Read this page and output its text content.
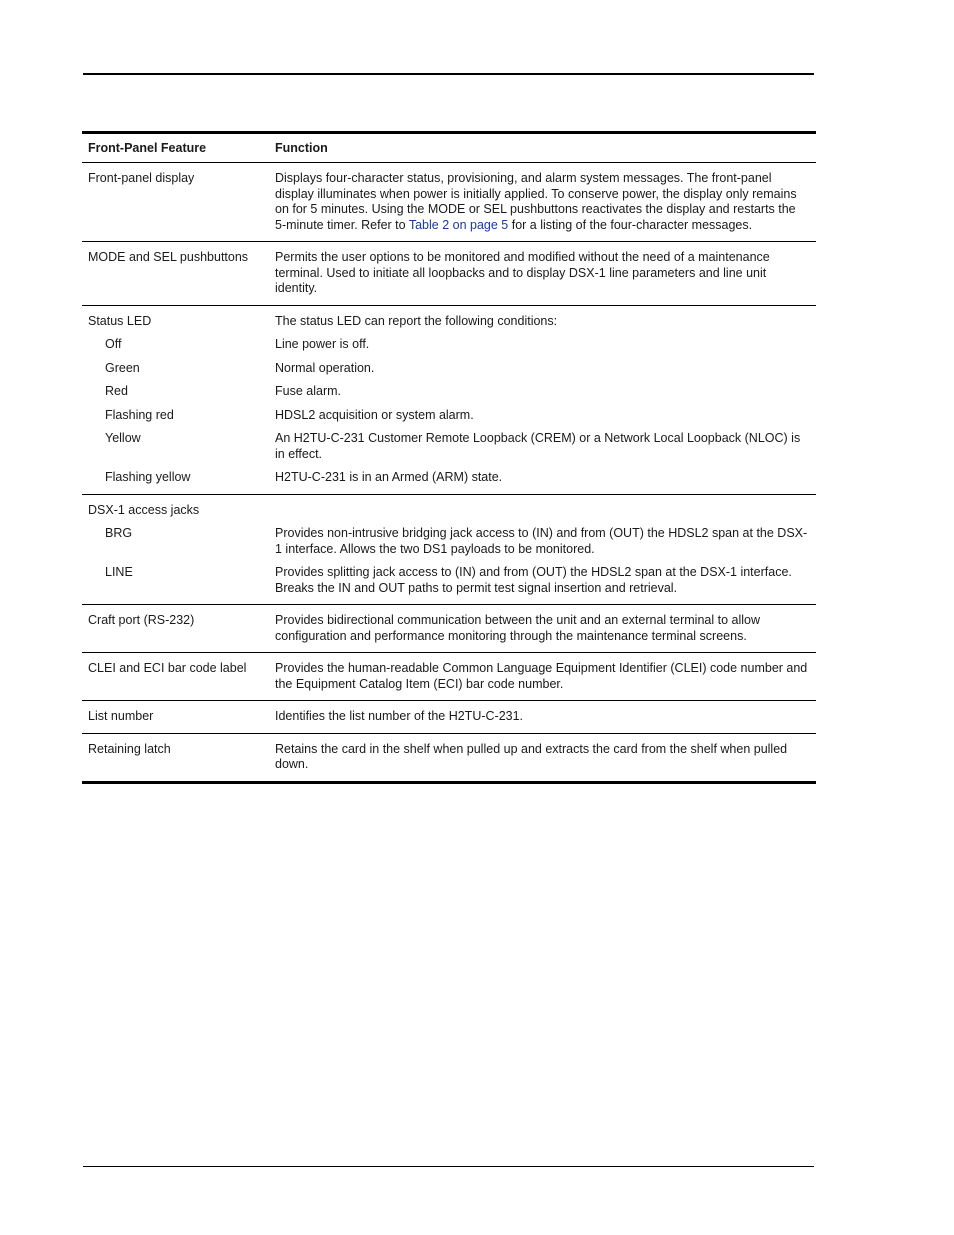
Front-Panel Feature	Function
Front-panel display	Displays four-character status, provisioning, and alarm system messages. The front-panel display illuminates when power is initially applied. To conserve power, the display only remains on for 5 minutes. Using the MODE or SEL pushbuttons reactivates the display and restarts the 5-minute timer. Refer to Table 2 on page 5 for a listing of the four-character messages.
MODE and SEL pushbuttons	Permits the user options to be monitored and modified without the need of a maintenance terminal. Used to initiate all loopbacks and to display DSX-1 line parameters and line unit identity.
Status LED	The status LED can report the following conditions:
Off	Line power is off.
Green	Normal operation.
Red	Fuse alarm.
Flashing red	HDSL2 acquisition or system alarm.
Yellow	An H2TU-C-231 Customer Remote Loopback (CREM) or a Network Local Loopback (NLOC) is in effect.
Flashing yellow	H2TU-C-231 is in an Armed (ARM) state.
DSX-1 access jacks
BRG	Provides non-intrusive bridging jack access to (IN) and from (OUT) the HDSL2 span at the DSX-1 interface. Allows the two DS1 payloads to be monitored.
LINE	Provides splitting jack access to (IN) and from (OUT) the HDSL2 span at the DSX-1 interface. Breaks the IN and OUT paths to permit test signal insertion and retrieval.
Craft port (RS-232)	Provides bidirectional communication between the unit and an external terminal to allow configuration and performance monitoring through the maintenance terminal screens.
CLEI and ECI bar code label	Provides the human-readable Common Language Equipment Identifier (CLEI) code number and the Equipment Catalog Item (ECI) bar code number.
List number	Identifies the list number of the H2TU-C-231.
Retaining latch	Retains the card in the shelf when pulled up and extracts the card from the shelf when pulled down.
